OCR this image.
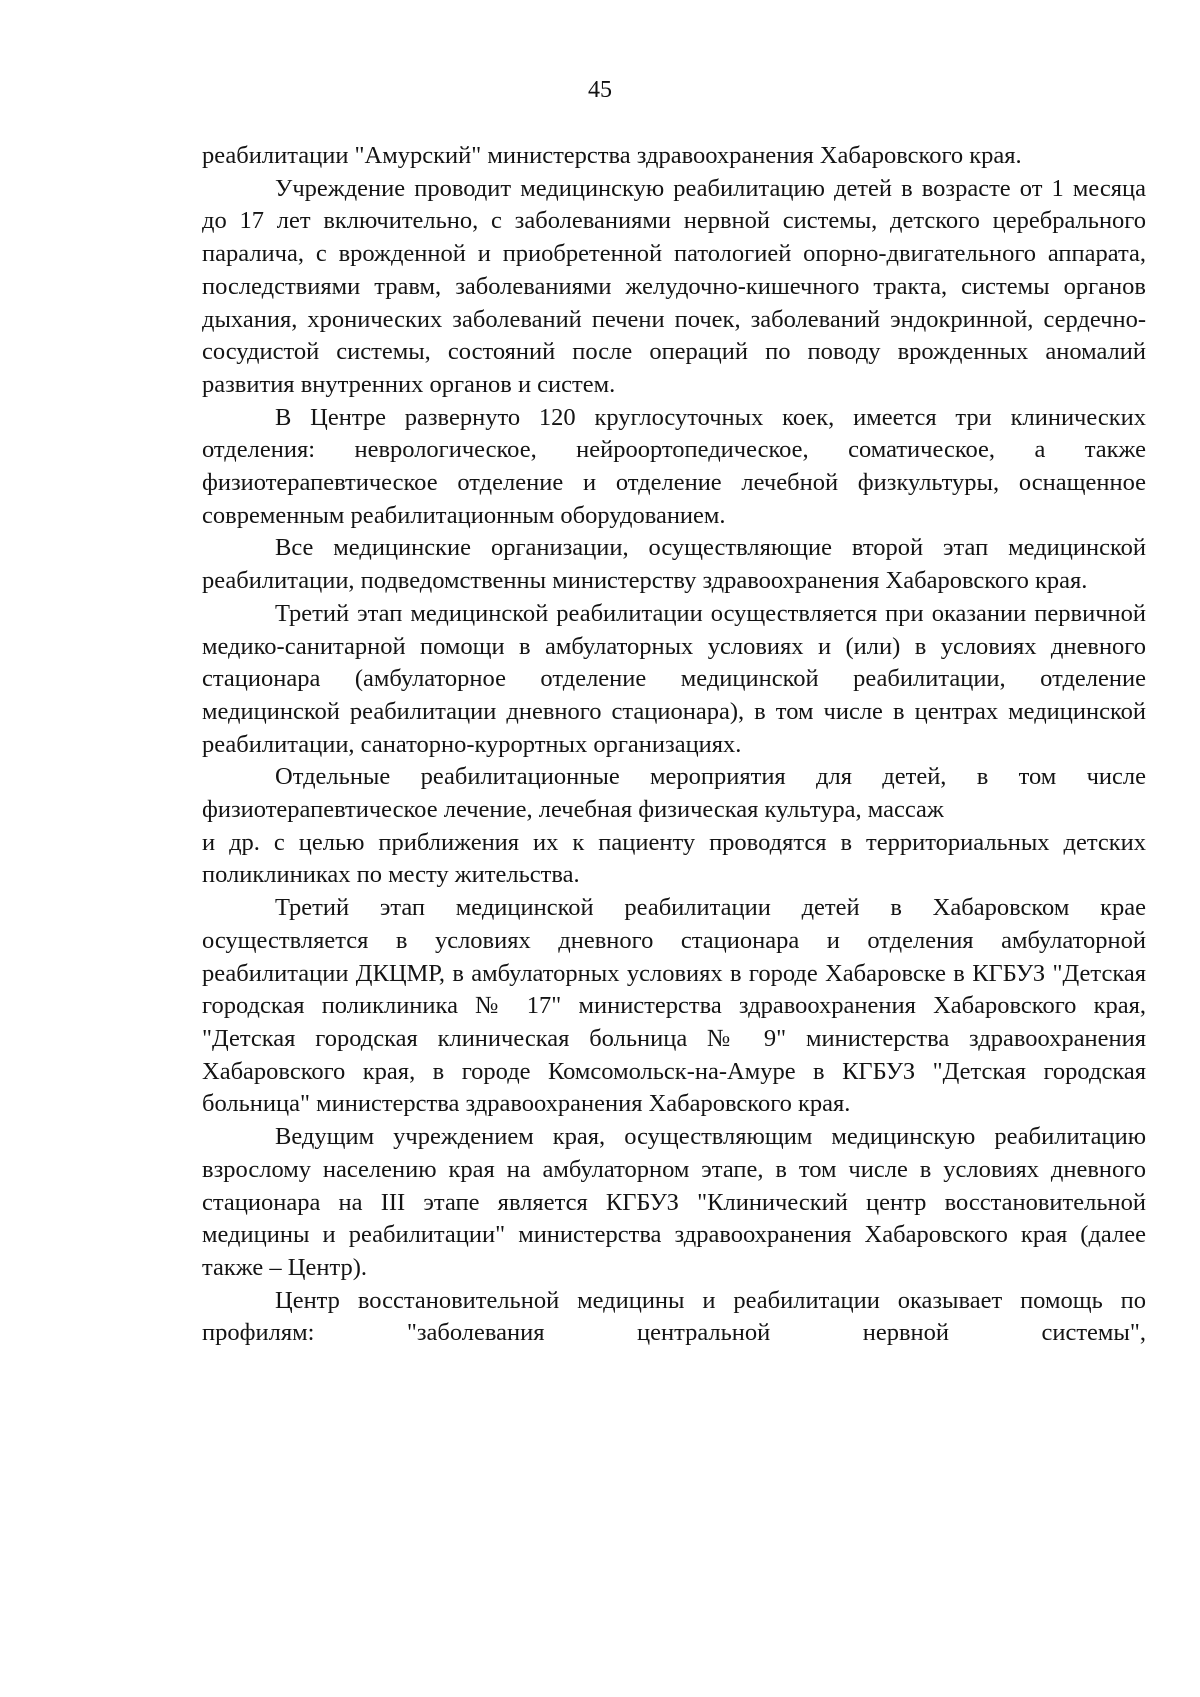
45

реабилитации "Амурский" министерства здравоохранения Хабаровского края.

Учреждение проводит медицинскую реабилитацию детей в возрасте от 1 месяца до 17 лет включительно, с заболеваниями нервной системы, детского церебрального паралича, с врожденной и приобретенной патологией опорно-двигательного аппарата, последствиями травм, заболеваниями желудочно-кишечного тракта, системы органов дыхания, хронических заболеваний печени почек, заболеваний эндокринной, сердечно-сосудистой системы, состояний после операций по поводу врожденных аномалий развития внутренних органов и систем.

В Центре развернуто 120 круглосуточных коек, имеется три клинических отделения: неврологическое, нейроортопедическое, соматическое, а также физиотерапевтическое отделение и отделение лечебной физкультуры, оснащенное современным реабилитационным оборудованием.

Все медицинские организации, осуществляющие второй этап медицинской реабилитации, подведомственны министерству здравоохранения Хабаровского края.

Третий этап медицинской реабилитации осуществляется при оказании первичной медико-санитарной помощи в амбулаторных условиях и (или) в условиях дневного стационара (амбулаторное отделение медицинской реабилитации, отделение медицинской реабилитации дневного стационара), в том числе в центрах медицинской реабилитации, санаторно-курортных организациях.

Отдельные реабилитационные мероприятия для детей, в том числе физиотерапевтическое лечение, лечебная физическая культура, массаж

и др. с целью приближения их к пациенту проводятся в территориальных детских поликлиниках по месту жительства.

Третий этап медицинской реабилитации детей в Хабаровском крае осуществляется в условиях дневного стационара и отделения амбулаторной реабилитации ДКЦМР, в амбулаторных условиях в городе Хабаровске в КГБУЗ "Детская городская поликлиника № 17" министерства здравоохранения Хабаровского края, "Детская городская клиническая больница № 9" министерства здравоохранения Хабаровского края, в городе Комсомольск-на-Амуре в КГБУЗ "Детская городская больница" министерства здравоохранения Хабаровского края.

Ведущим учреждением края, осуществляющим медицинскую реабилитацию взрослому населению края на амбулаторном этапе, в том числе в условиях дневного стационара на III этапе является КГБУЗ "Клинический центр восстановительной медицины и реабилитации" министерства здравоохранения Хабаровского края (далее также – Центр).

Центр восстановительной медицины и реабилитации оказывает помощь по профилям: "заболевания центральной нервной системы",
